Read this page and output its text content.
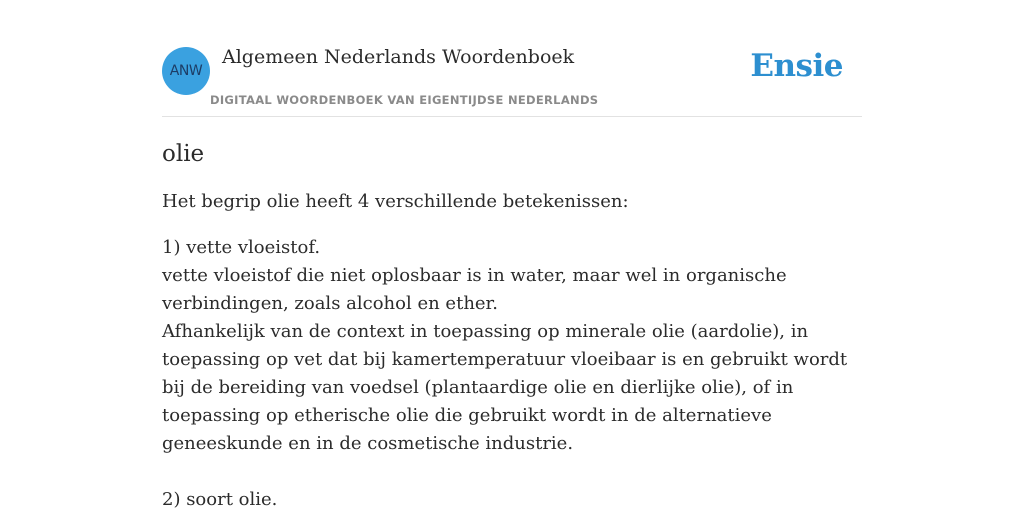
ANW
Algemeen Nederlands Woordenboek
DIGITAAL WOORDENBOEK VAN EIGENTIJDSE NEDERLANDS
Ensie
olie

Het begrip olie heeft 4 verschillende betekenissen:

1) vette vloeistof.
vette vloeistof die niet oplosbaar is in water, maar wel in organische verbindingen, zoals alcohol en ether.
Afhankelijk van de context in toepassing op minerale olie (aardolie), in toepassing op vet dat bij kamertemperatuur vloeibaar is en gebruikt wordt bij de bereiding van voedsel (plantaardige olie en dierlijke olie), of in toepassing op etherische olie die gebruikt wordt in de alternatieve geneeskunde en in de cosmetische industrie.
2) soort olie.
